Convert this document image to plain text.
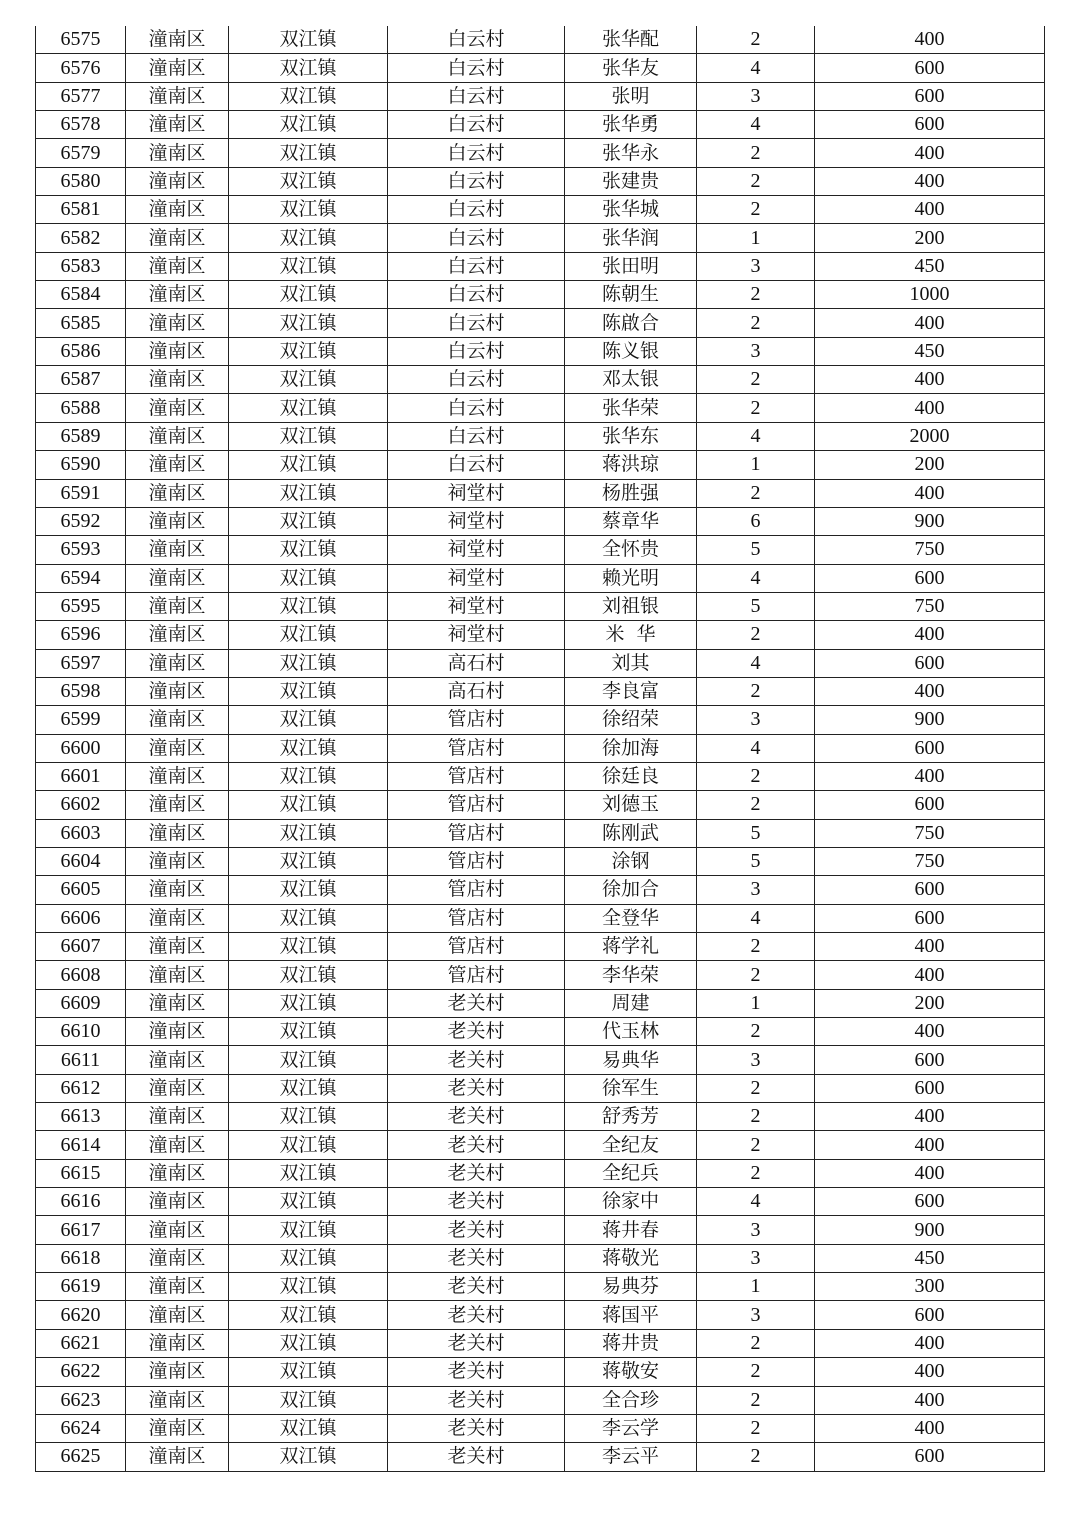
6575	潼南区	双江镇	白云村	张华配	2	400
6576	潼南区	双江镇	白云村	张华友	4	600
6577	潼南区	双江镇	白云村	张明	3	600
6578	潼南区	双江镇	白云村	张华勇	4	600
6579	潼南区	双江镇	白云村	张华永	2	400
6580	潼南区	双江镇	白云村	张建贵	2	400
6581	潼南区	双江镇	白云村	张华城	2	400
6582	潼南区	双江镇	白云村	张华润	1	200
6583	潼南区	双江镇	白云村	张田明	3	450
6584	潼南区	双江镇	白云村	陈朝生	2	1000
6585	潼南区	双江镇	白云村	陈啟合	2	400
6586	潼南区	双江镇	白云村	陈义银	3	450
6587	潼南区	双江镇	白云村	邓太银	2	400
6588	潼南区	双江镇	白云村	张华荣	2	400
6589	潼南区	双江镇	白云村	张华东	4	2000
6590	潼南区	双江镇	白云村	蒋洪琼	1	200
6591	潼南区	双江镇	祠堂村	杨胜强	2	400
6592	潼南区	双江镇	祠堂村	蔡章华	6	900
6593	潼南区	双江镇	祠堂村	全怀贵	5	750
6594	潼南区	双江镇	祠堂村	赖光明	4	600
6595	潼南区	双江镇	祠堂村	刘祖银	5	750
6596	潼南区	双江镇	祠堂村	米  华	2	400
6597	潼南区	双江镇	高石村	刘其	4	600
6598	潼南区	双江镇	高石村	李良富	2	400
6599	潼南区	双江镇	管店村	徐绍荣	3	900
6600	潼南区	双江镇	管店村	徐加海	4	600
6601	潼南区	双江镇	管店村	徐廷良	2	400
6602	潼南区	双江镇	管店村	刘德玉	2	600
6603	潼南区	双江镇	管店村	陈刚武	5	750
6604	潼南区	双江镇	管店村	涂钢	5	750
6605	潼南区	双江镇	管店村	徐加合	3	600
6606	潼南区	双江镇	管店村	全登华	4	600
6607	潼南区	双江镇	管店村	蒋学礼	2	400
6608	潼南区	双江镇	管店村	李华荣	2	400
6609	潼南区	双江镇	老关村	周建	1	200
6610	潼南区	双江镇	老关村	代玉林	2	400
6611	潼南区	双江镇	老关村	易典华	3	600
6612	潼南区	双江镇	老关村	徐军生	2	600
6613	潼南区	双江镇	老关村	舒秀芳	2	400
6614	潼南区	双江镇	老关村	全纪友	2	400
6615	潼南区	双江镇	老关村	全纪兵	2	400
6616	潼南区	双江镇	老关村	徐家中	4	600
6617	潼南区	双江镇	老关村	蒋井春	3	900
6618	潼南区	双江镇	老关村	蒋敬光	3	450
6619	潼南区	双江镇	老关村	易典芬	1	300
6620	潼南区	双江镇	老关村	蒋国平	3	600
6621	潼南区	双江镇	老关村	蒋井贵	2	400
6622	潼南区	双江镇	老关村	蒋敬安	2	400
6623	潼南区	双江镇	老关村	全合珍	2	400
6624	潼南区	双江镇	老关村	李云学	2	400
6625	潼南区	双江镇	老关村	李云平	2	600
